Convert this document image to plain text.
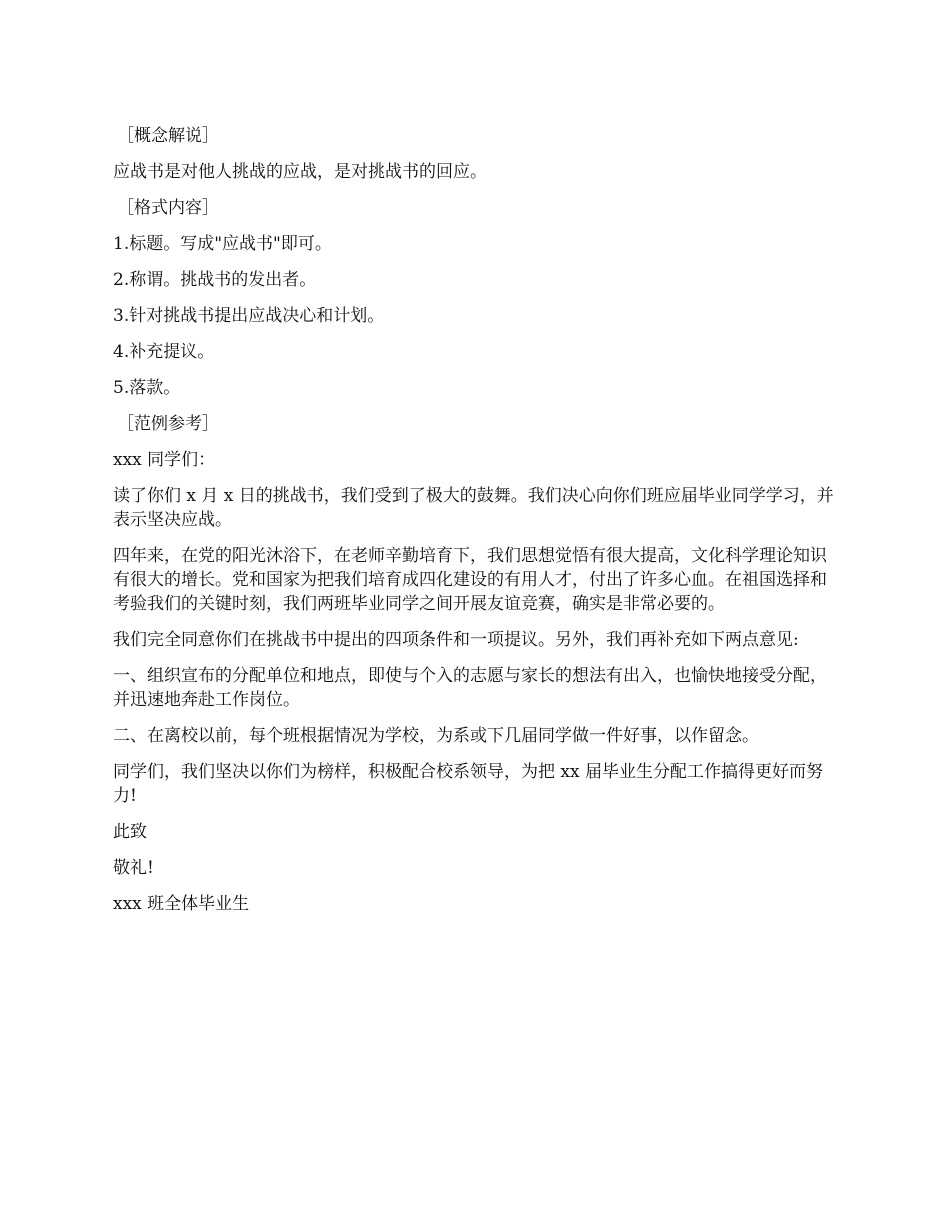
［概念解说］

应战书是对他人挑战的应战，是对挑战书的回应。

［格式内容］

1.标题。写成"应战书"即可。

2.称谓。挑战书的发出者。

3.针对挑战书提出应战决心和计划。

4.补充提议。

5.落款。

［范例参考］

xxx 同学们：

读了你们 x 月 x 日的挑战书，我们受到了极大的鼓舞。我们决心向你们班应届毕业同学学习，并表示坚决应战。

四年来，在党的阳光沐浴下，在老师辛勤培育下，我们思想觉悟有很大提高，文化科学理论知识有很大的增长。党和国家为把我们培育成四化建设的有用人才，付出了许多心血。在祖国选择和考验我们的关键时刻，我们两班毕业同学之间开展友谊竞赛，确实是非常必要的。

我们完全同意你们在挑战书中提出的四项条件和一项提议。另外，我们再补充如下两点意见:

一、组织宣布的分配单位和地点，即使与个入的志愿与家长的想法有出入，也愉快地接受分配，并迅速地奔赴工作岗位。

二、在离校以前，每个班根据情况为学校，为系或下几届同学做一件好事，以作留念。

同学们，我们坚决以你们为榜样，积极配合校系领导，为把 xx 届毕业生分配工作搞得更好而努力!

此致

敬礼!

xxx 班全体毕业生
